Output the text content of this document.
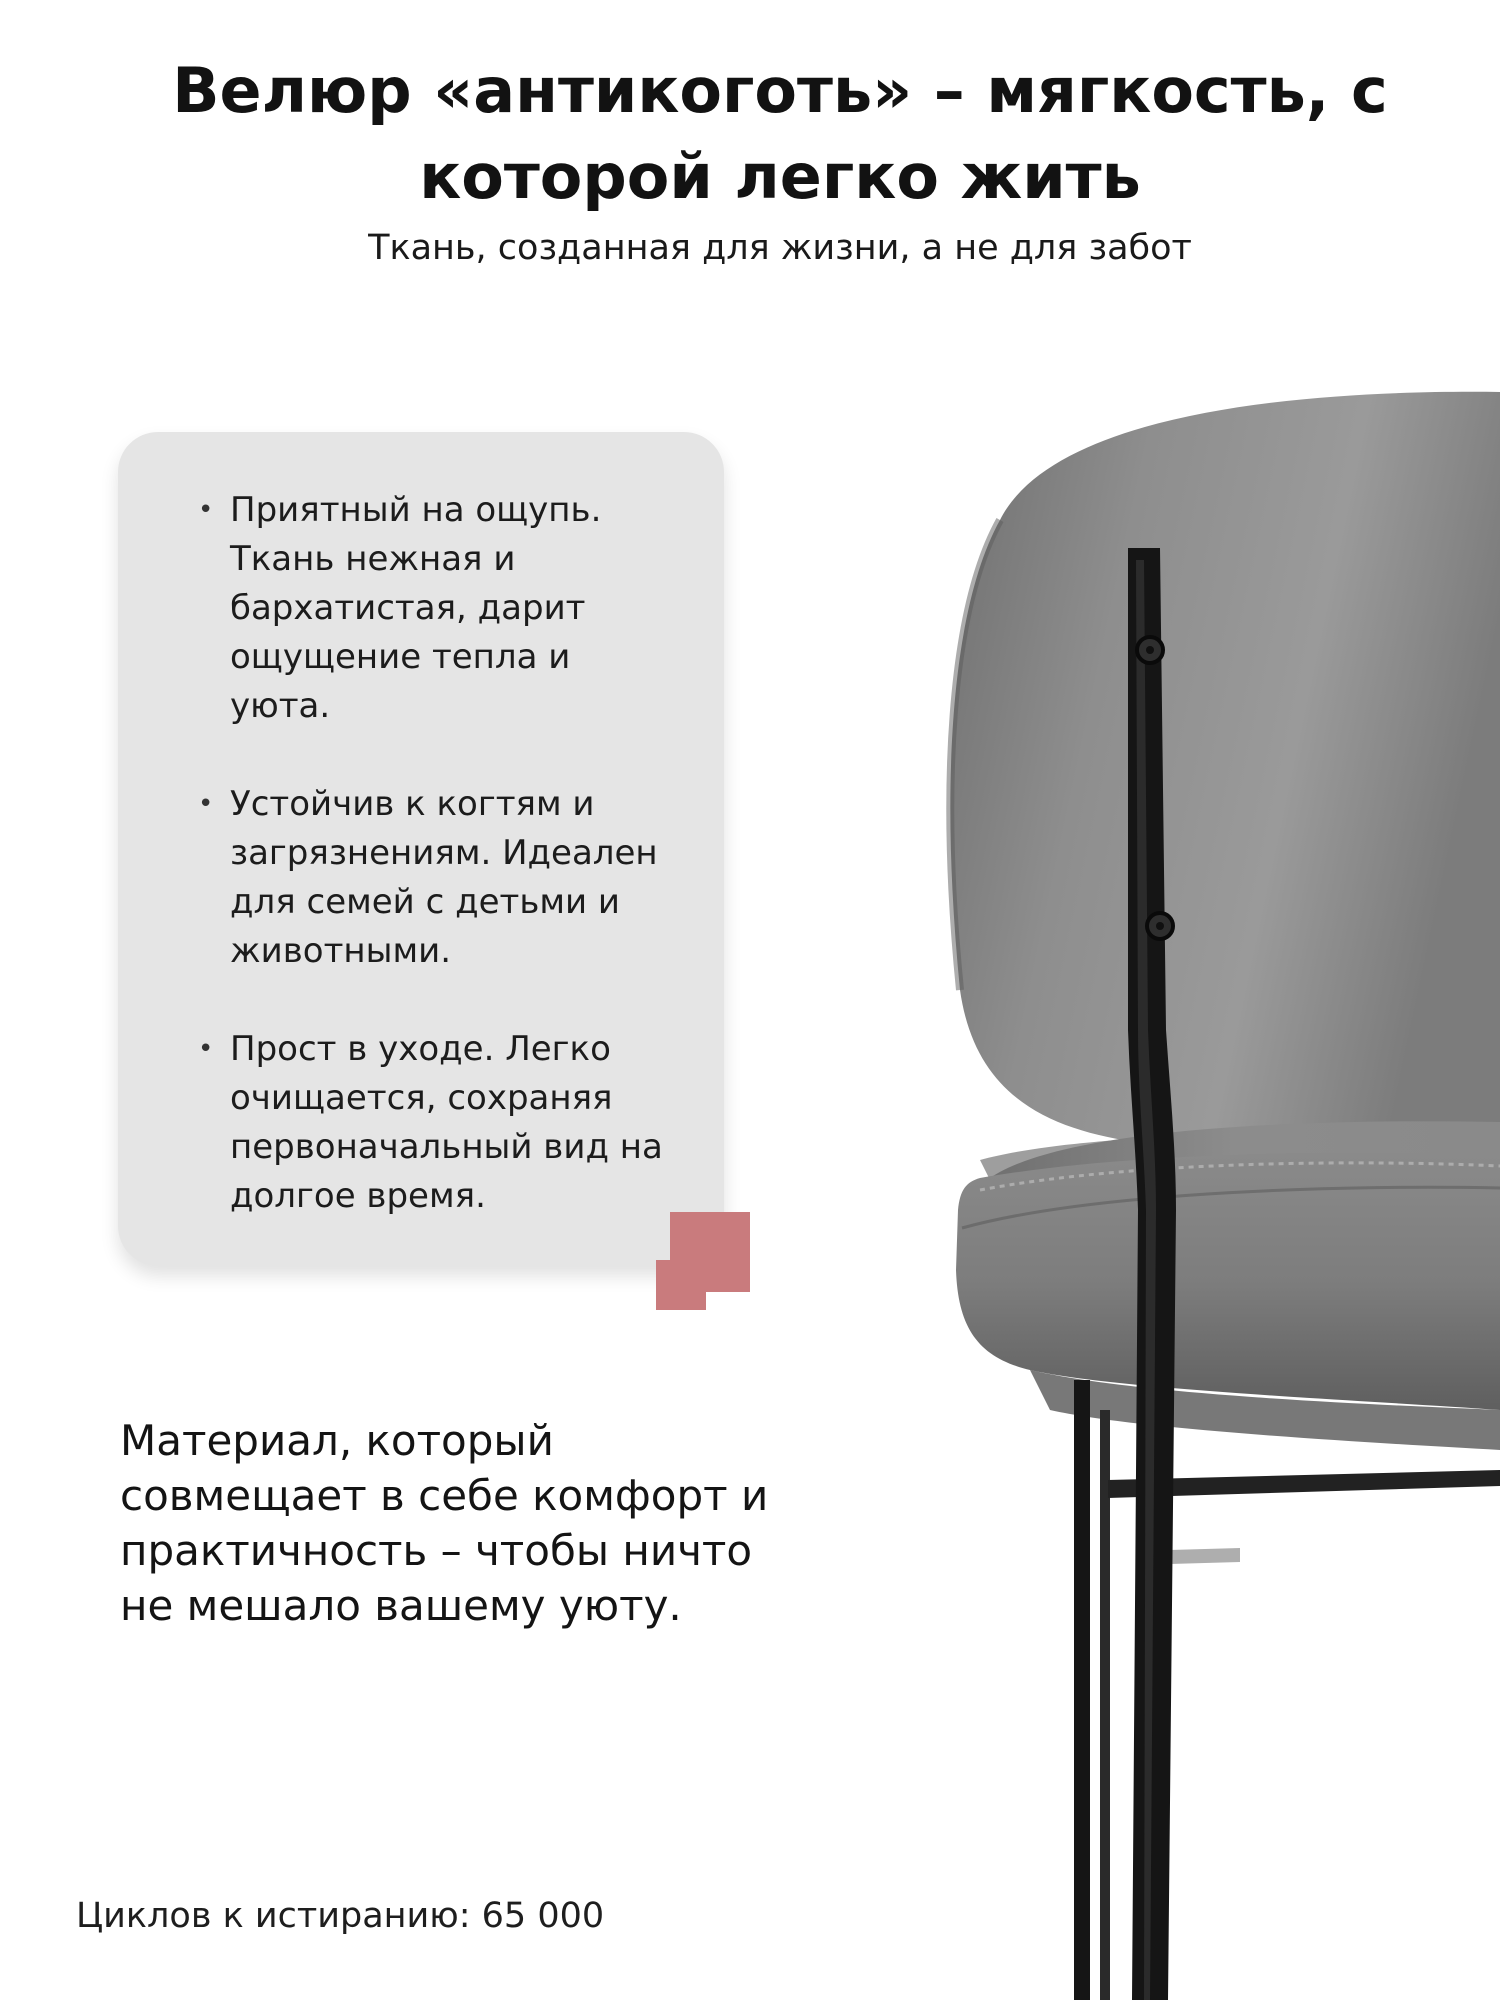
Велюр «антикоготь» – мягкость, с которой легко жить
Ткань, созданная для жизни, а не для забот
• Приятный на ощупь. Ткань нежная и бархатистая, дарит ощущение тепла и уюта.
• Устойчив к когтям и загрязнениям. Идеален для семей с детьми и животными.
• Прост в уходе. Легко очищается, сохраняя первоначальный вид на долгое время.
Материал, который совмещает в себе комфорт и практичность – чтобы ничто не мешало вашему уюту.
Циклов к истиранию: 65 000
